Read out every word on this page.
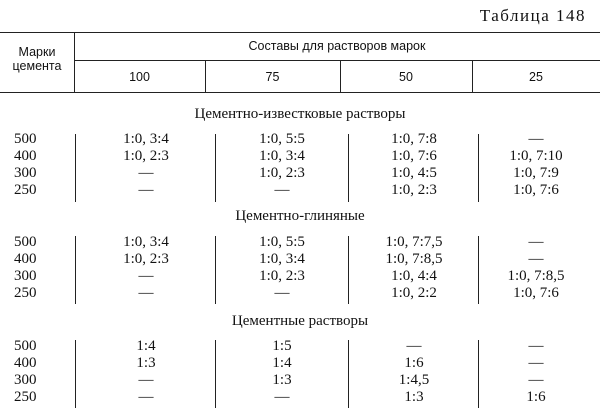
Таблица 148
Марки
цемента
Составы для растворов марок
100	75	50	25
Цементно-известковые растворы
500	1:0, 3:4	1:0, 5:5	1:0, 7:8	—
400	1:0, 2:3	1:0, 3:4	1:0, 7:6	1:0, 7:10
300	—	1:0, 2:3	1:0, 4:5	1:0, 7:9
250	—	—	1:0, 2:3	1:0, 7:6
Цементно-глиняные
500	1:0, 3:4	1:0, 5:5	1:0, 7:7,5	—
400	1:0, 2:3	1:0, 3:4	1:0, 7:8,5	—
300	—	1:0, 2:3	1:0, 4:4	1:0, 7:8,5
250	—	—	1:0, 2:2	1:0, 7:6
Цементные растворы
500	1:4	1:5	—	—
400	1:3	1:4	1:6	—
300	—	1:3	1:4,5	—
250	—	—	1:3	1:6
